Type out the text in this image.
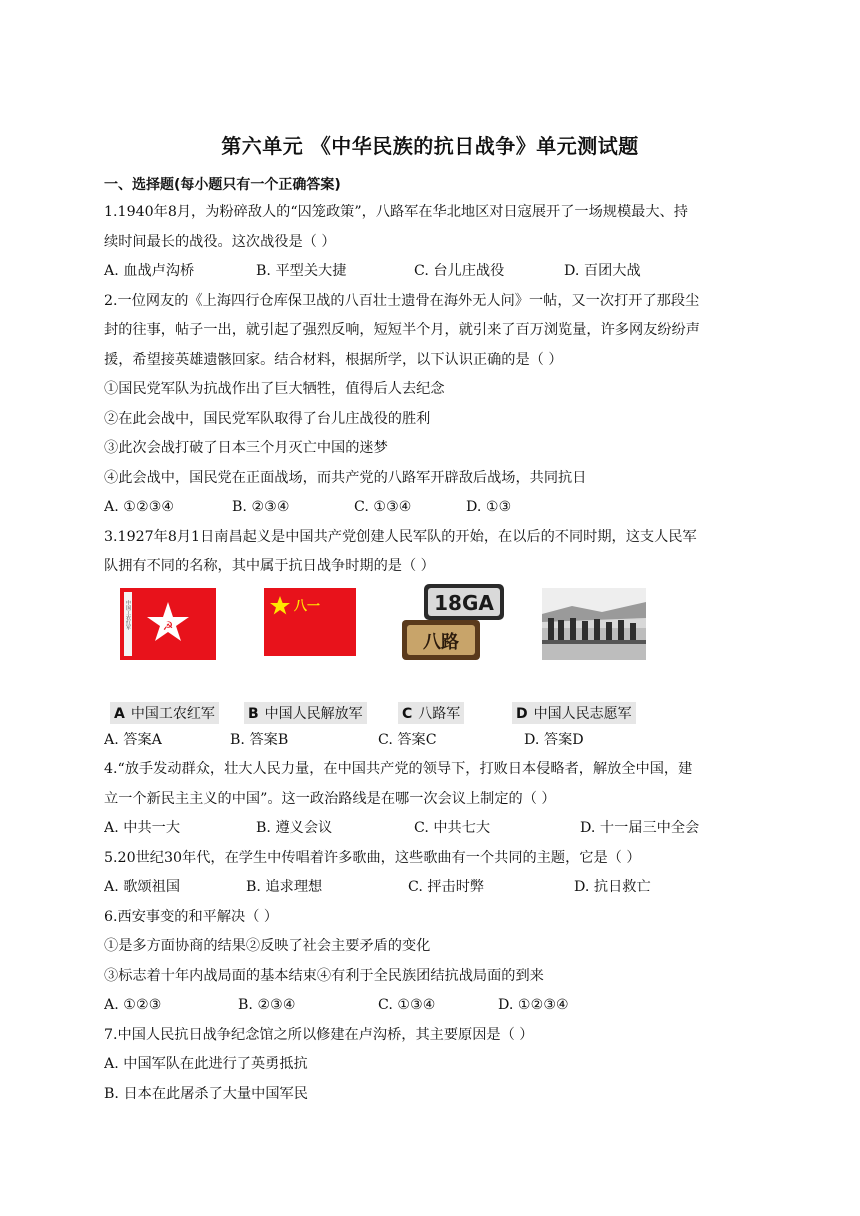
第六单元 《中华民族的抗日战争》单元测试题
一、选择题(每小题只有一个正确答案)
1.1940年8月，为粉碎敌人的“囚笼政策”，八路军在华北地区对日寇展开了一场规模最大、持
续时间最长的战役。这次战役是（ ）
A. 血战卢沟桥	B. 平型关大捷	C. 台儿庄战役	D. 百团大战
2.一位网友的《上海四行仓库保卫战的八百壮士遗骨在海外无人问》一帖，又一次打开了那段尘
封的往事，帖子一出，就引起了强烈反响，短短半个月，就引来了百万浏览量，许多网友纷纷声
援，希望接英雄遗骸回家。结合材料，根据所学，以下认识正确的是（ ）
①国民党军队为抗战作出了巨大牺牲，值得后人去纪念
②在此会战中，国民党军队取得了台儿庄战役的胜利
③此次会战打破了日本三个月灭亡中国的迷梦
④此会战中，国民党在正面战场，而共产党的八路军开辟敌后战场，共同抗日
A. ①②③④	B. ②③④	C. ①③④	D. ①③
3.1927年8月1日南昌起义是中国共产党创建人民军队的开始，在以后的不同时期，这支人民军
队拥有不同的名称，其中属于抗日战争时期的是（ ）
中国工农红军	☭
八一	18GA
八路
A 中国工农红军 B 中国人民解放军	C 八路军	D 中国人民志愿军
A. 答案A	B. 答案B	C. 答案C	D. 答案D
4.“放手发动群众，壮大人民力量，在中国共产党的领导下，打败日本侵略者，解放全中国，建
立一个新民主主义的中国”。这一政治路线是在哪一次会议上制定的（ ）
A. 中共一大	B. 遵义会议	C. 中共七大	D. 十一届三中全会
5.20世纪30年代，在学生中传唱着许多歌曲，这些歌曲有一个共同的主题，它是（ ）
A. 歌颂祖国	B. 追求理想	C. 抨击时弊	D. 抗日救亡
6.西安事变的和平解决（ ）
①是多方面协商的结果②反映了社会主要矛盾的变化
③标志着十年内战局面的基本结束④有利于全民族团结抗战局面的到来
A. ①②③	B. ②③④	C. ①③④	D. ①②③④
7.中国人民抗日战争纪念馆之所以修建在卢沟桥，其主要原因是（ ）
A. 中国军队在此进行了英勇抵抗
B. 日本在此屠杀了大量中国军民
